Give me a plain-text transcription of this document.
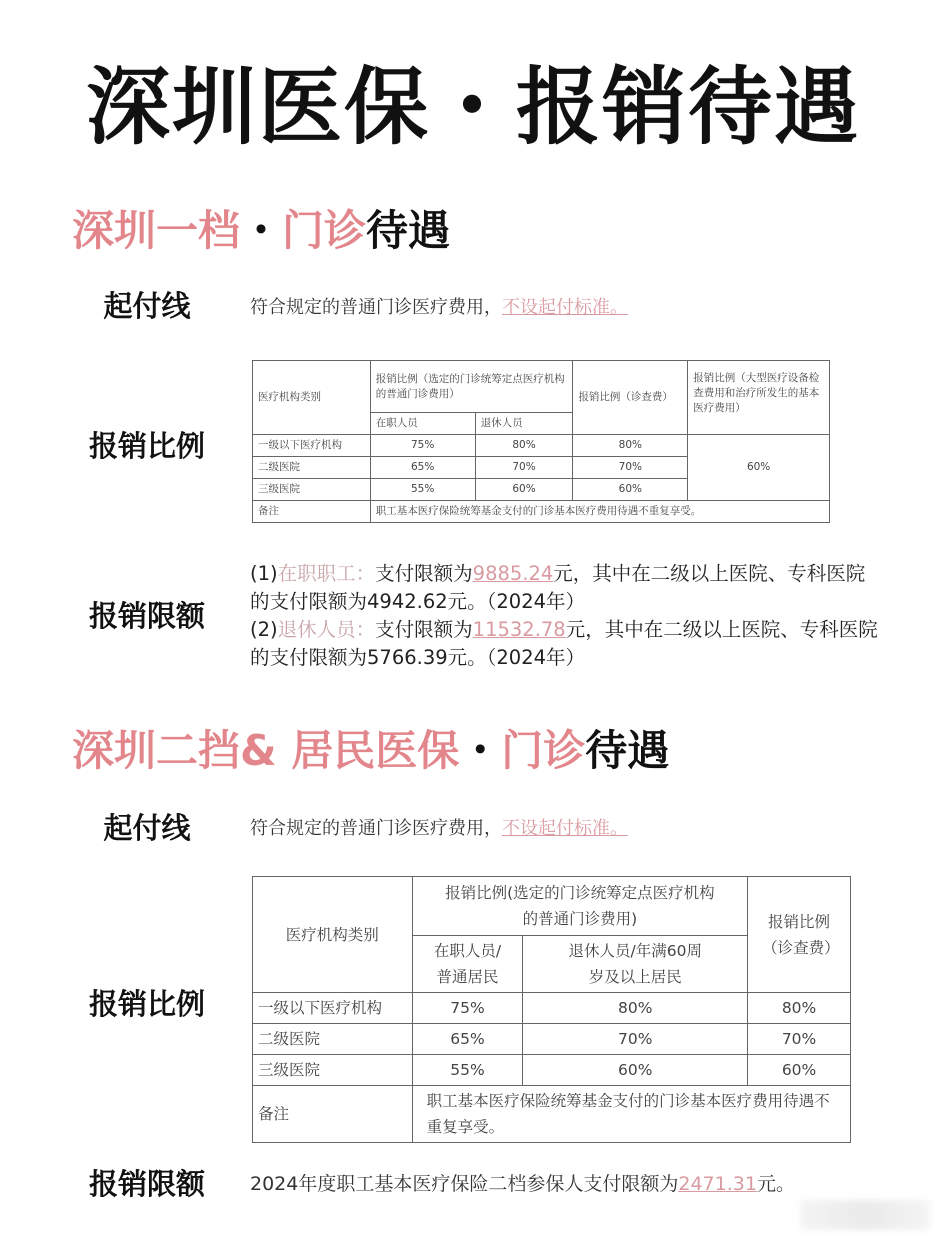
深圳医保・报销待遇
深圳一档・门诊待遇
起付线	符合规定的普通门诊医疗费用，不设起付标准。
报销比例
医疗机构类别	报销比例（选定的门诊统筹定点医疗机构的普通门诊费用）		报销比例（诊查费）	报销比例（大型医疗设备检查费用和治疗所发生的基本医疗费用）
	在职人员	退休人员		

一级以下医疗机构	75%	80%	80%	60%
二级医院	65%	70%	70%	
三级医院	55%	60%	60%	
备注	职工基本医疗保险统筹基金支付的门诊基本医疗费用待遇不重复享受。			
报销限额
(1)在职职工：支付限额为9885.24元，其中在二级以上医院、专科医院的支付限额为4942.62元。（2024年）
(2)退休人员：支付限额为11532.78元，其中在二级以上医院、专科医院的支付限额为5766.39元。（2024年）
深圳二挡& 居民医保・门诊待遇
起付线	符合规定的普通门诊医疗费用，不设起付标准。
报销比例
医疗机构类别	报销比例(选定的门诊统筹定点医疗机构的普通门诊费用)		报销比例（诊查费）
	在职人员/普通居民	退休人员/年满60周岁及以上居民	
一级以下医疗机构	75%	80%	80%
二级医院	65%	70%	70%
三级医院	55%	60%	60%
备注	职工基本医疗保险统筹基金支付的门诊基本医疗费用待遇不重复享受。		
报销限额	2024年度职工基本医疗保险二档参保人支付限额为2471.31元。
